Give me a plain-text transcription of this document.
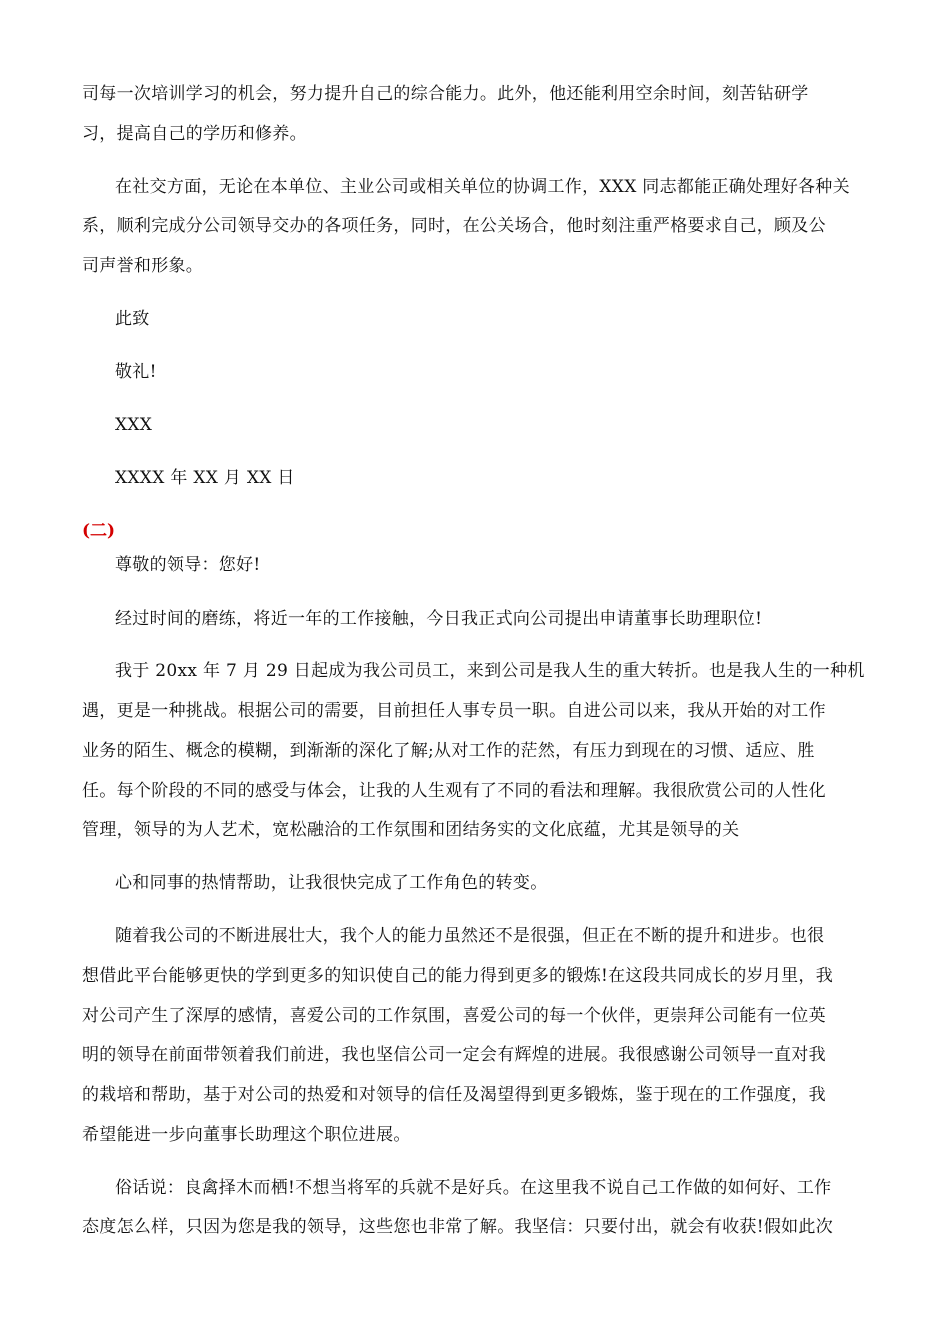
司每一次培训学习的机会，努力提升自己的综合能力。此外，他还能利用空余时间，刻苦钻研学
习，提高自己的学历和修养。
在社交方面，无论在本单位、主业公司或相关单位的协调工作，XXX 同志都能正确处理好各种关
系，顺利完成分公司领导交办的各项任务，同时，在公关场合，他时刻注重严格要求自己，顾及公
司声誉和形象。
此致
敬礼!
XXX
XXXX 年 XX 月 XX 日
(二)
尊敬的领导：您好!
经过时间的磨练，将近一年的工作接触，今日我正式向公司提出申请董事长助理职位!
我于 20xx 年 7 月 29 日起成为我公司员工，来到公司是我人生的重大转折。也是我人生的一种机
遇，更是一种挑战。根据公司的需要，目前担任人事专员一职。自进公司以来，我从开始的对工作
业务的陌生、概念的模糊，到渐渐的深化了解;从对工作的茫然，有压力到现在的习惯、适应、胜
任。每个阶段的不同的感受与体会，让我的人生观有了不同的看法和理解。我很欣赏公司的人性化
管理，领导的为人艺术，宽松融洽的工作氛围和团结务实的文化底蕴，尤其是领导的关
心和同事的热情帮助，让我很快完成了工作角色的转变。
随着我公司的不断进展壮大，我个人的能力虽然还不是很强，但正在不断的提升和进步。也很
想借此平台能够更快的学到更多的知识使自己的能力得到更多的锻炼!在这段共同成长的岁月里，我
对公司产生了深厚的感情，喜爱公司的工作氛围，喜爱公司的每一个伙伴，更崇拜公司能有一位英
明的领导在前面带领着我们前进，我也坚信公司一定会有辉煌的进展。我很感谢公司领导一直对我
的栽培和帮助，基于对公司的热爱和对领导的信任及渴望得到更多锻炼，鉴于现在的工作强度，我
希望能进一步向董事长助理这个职位进展。
俗话说：良禽择木而栖!不想当将军的兵就不是好兵。在这里我不说自己工作做的如何好、工作
态度怎么样，只因为您是我的领导，这些您也非常了解。我坚信：只要付出，就会有收获!假如此次
